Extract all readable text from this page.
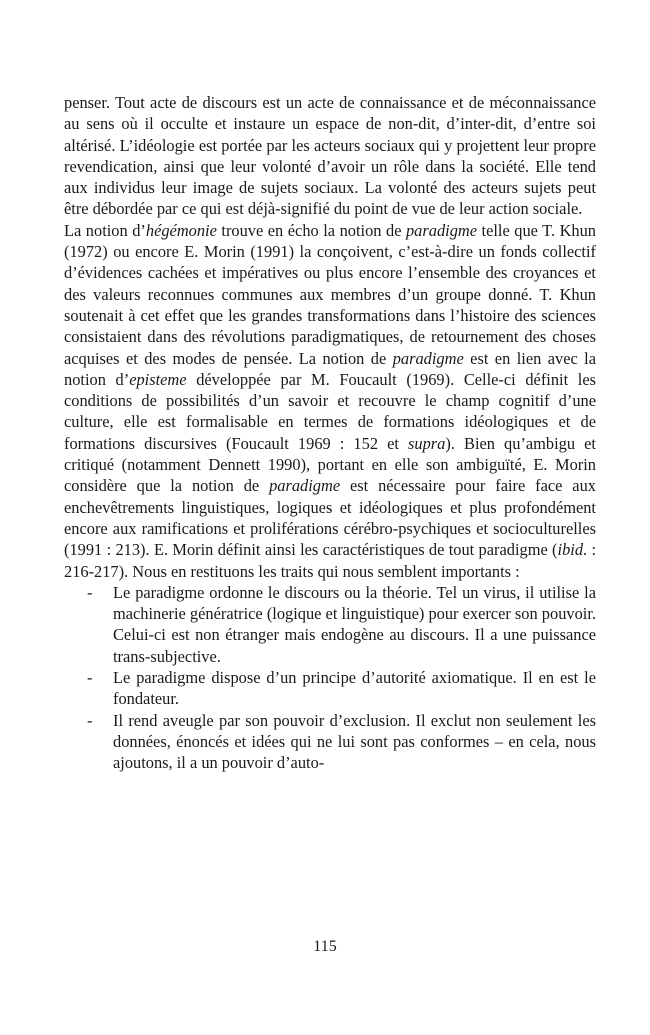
penser. Tout acte de discours est un acte de connaissance et de méconnaissance au sens où il occulte et instaure un espace de non-dit, d’inter-dit, d’entre soi altérisé. L’idéologie est portée par les acteurs sociaux qui y projettent leur propre revendication, ainsi que leur volonté d’avoir un rôle dans la société. Elle tend aux individus leur image de sujets sociaux. La volonté des acteurs sujets peut être débordée par ce qui est déjà-signifié du point de vue de leur action sociale.

La notion d’hégémonie trouve en écho la notion de paradigme telle que T. Khun (1972) ou encore E. Morin (1991) la conçoivent, c’est-à-dire un fonds collectif d’évidences cachées et impératives ou plus encore l’ensemble des croyances et des valeurs reconnues communes aux membres d’un groupe donné. T. Khun soutenait à cet effet que les grandes transformations dans l’histoire des sciences consistaient dans des révolutions paradigmatiques, de retournement des choses acquises et des modes de pensée. La notion de paradigme est en lien avec la notion d’episteme développée par M. Foucault (1969). Celle-ci définit les conditions de possibilités d’un savoir et recouvre le champ cognitif d’une culture, elle est formalisable en termes de formations idéologiques et de formations discursives (Foucault 1969 : 152 et supra). Bien qu’ambigu et critiqué (notamment Dennett 1990), portant en elle son ambiguïté, E. Morin considère que la notion de paradigme est nécessaire pour faire face aux enchevêtrements linguistiques, logiques et idéologiques et plus profondément encore aux ramifications et proliférations cérébro-psychiques et socioculturelles (1991 : 213). E. Morin définit ainsi les caractéristiques de tout paradigme (ibid. : 216-217). Nous en restituons les traits qui nous semblent importants :

- Le paradigme ordonne le discours ou la théorie. Tel un virus, il utilise la machinerie génératrice (logique et linguistique) pour exercer son pouvoir. Celui-ci est non étranger mais endogène au discours. Il a une puissance trans-subjective.
- Le paradigme dispose d’un principe d’autorité axiomatique. Il en est le fondateur.
- Il rend aveugle par son pouvoir d’exclusion. Il exclut non seulement les données, énoncés et idées qui ne lui sont pas conformes – en cela, nous ajoutons, il a un pouvoir d’auto-
115
